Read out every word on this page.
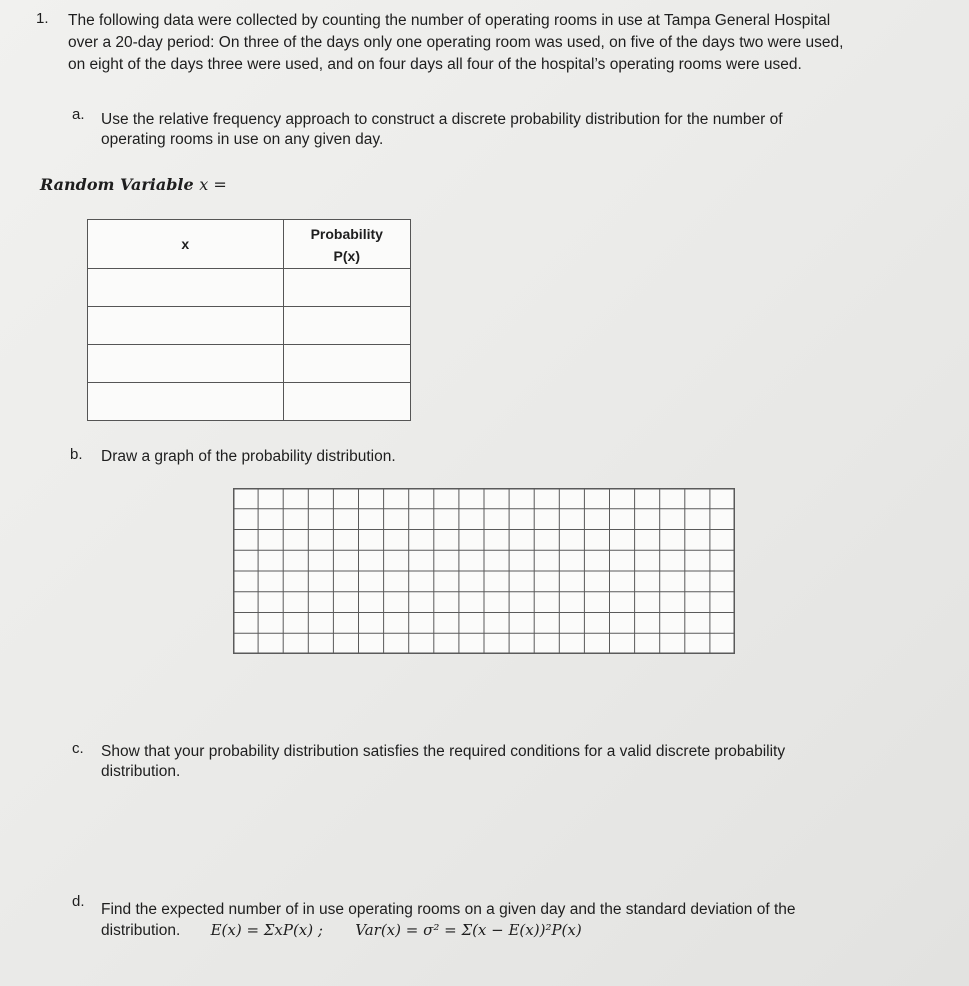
1. The following data were collected by counting the number of operating rooms in use at Tampa General Hospital
over a 20-day period: On three of the days only one operating room was used, on five of the days two were used,
on eight of the days three were used, and on four days all four of the hospital’s operating rooms were used.
a. Use the relative frequency approach to construct a discrete probability distribution for the number of
operating rooms in use on any given day.
Random Variable x =
x	Probability
P(x)

b. Draw a graph of the probability distribution.
c. Show that your probability distribution satisfies the required conditions for a valid discrete probability
distribution.
d. Find the expected number of in use operating rooms on a given day and the standard deviation of the
distribution. E(x) = ΣxP(x) ; Var(x) = σ² = Σ(x − E(x))²P(x)
